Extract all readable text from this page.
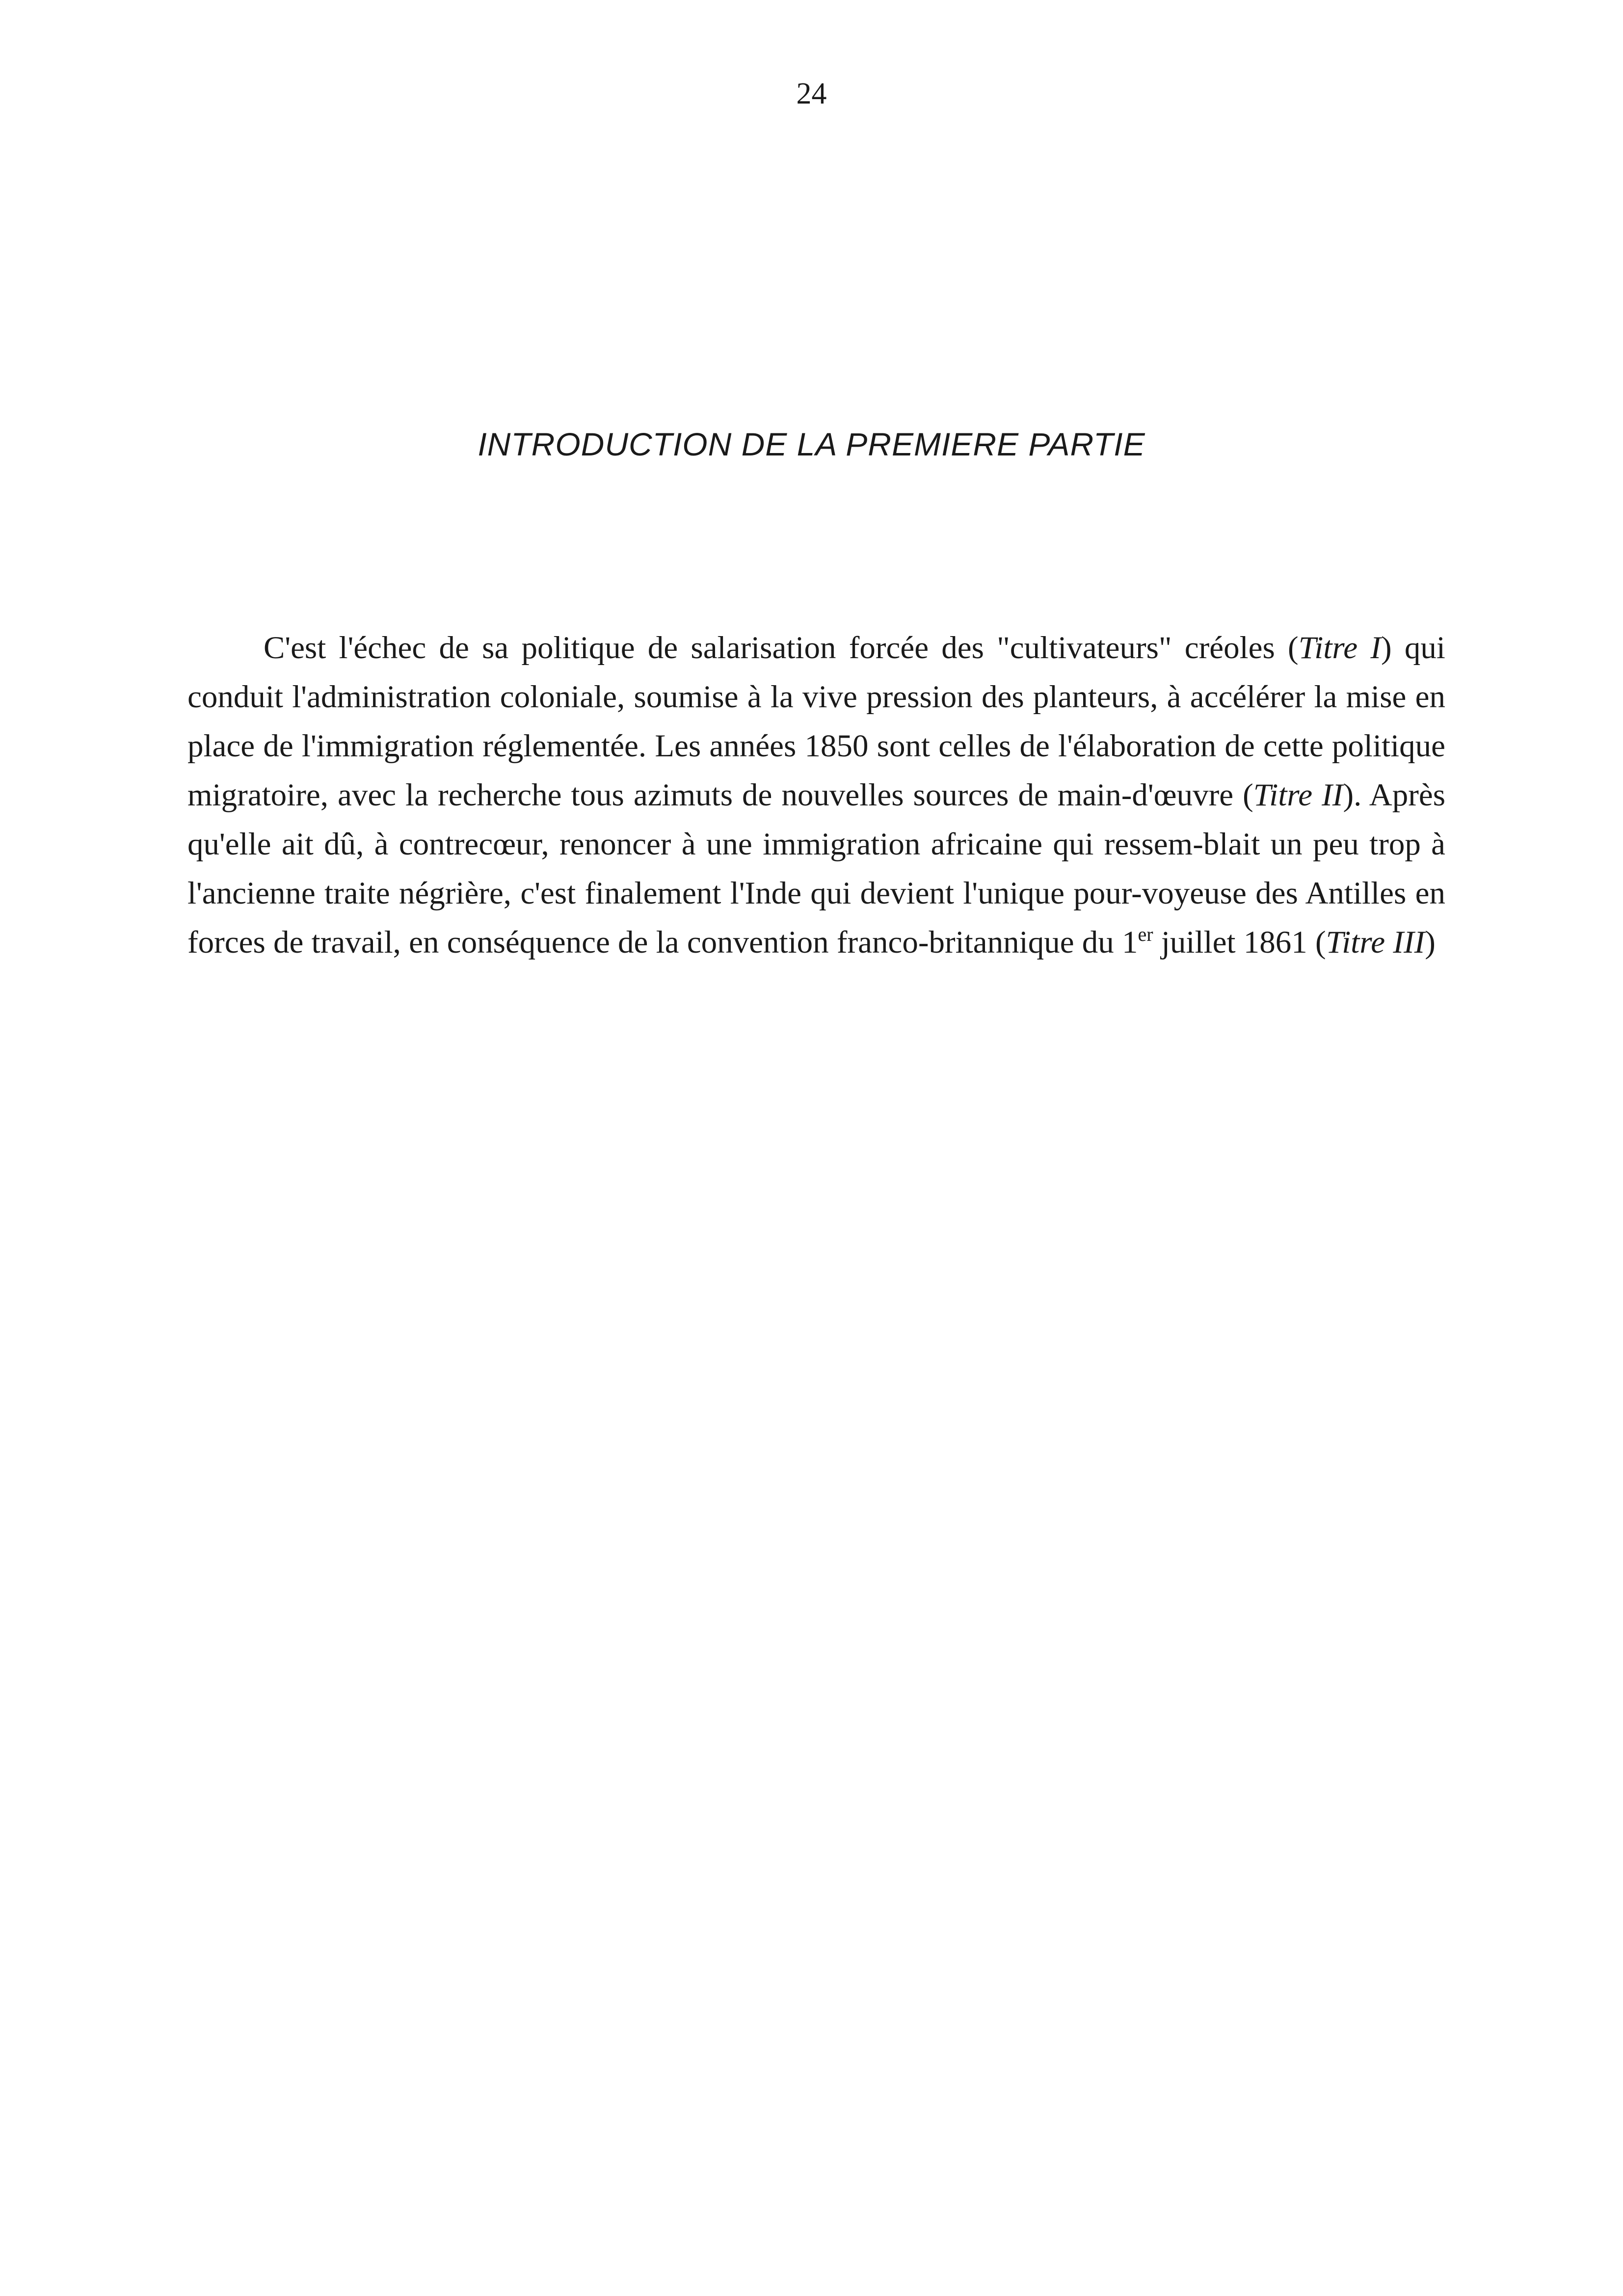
24
INTRODUCTION DE LA PREMIERE PARTIE

C'est l'échec de sa politique de salarisation forcée des "cultivateurs" créoles (Titre I) qui conduit l'administration coloniale, soumise à la vive pression des planteurs, à accélérer la mise en place de l'immigration réglementée. Les années 1850 sont celles de l'élaboration de cette politique migratoire, avec la recherche tous azimuts de nouvelles sources de main-d'œuvre (Titre II). Après qu'elle ait dû, à contrecœur, renoncer à une immigration africaine qui ressem-blait un peu trop à l'ancienne traite négrière, c'est finalement l'Inde qui devient l'unique pour-voyeuse des Antilles en forces de travail, en conséquence de la convention franco-britannique du 1er juillet 1861 (Titre III)
